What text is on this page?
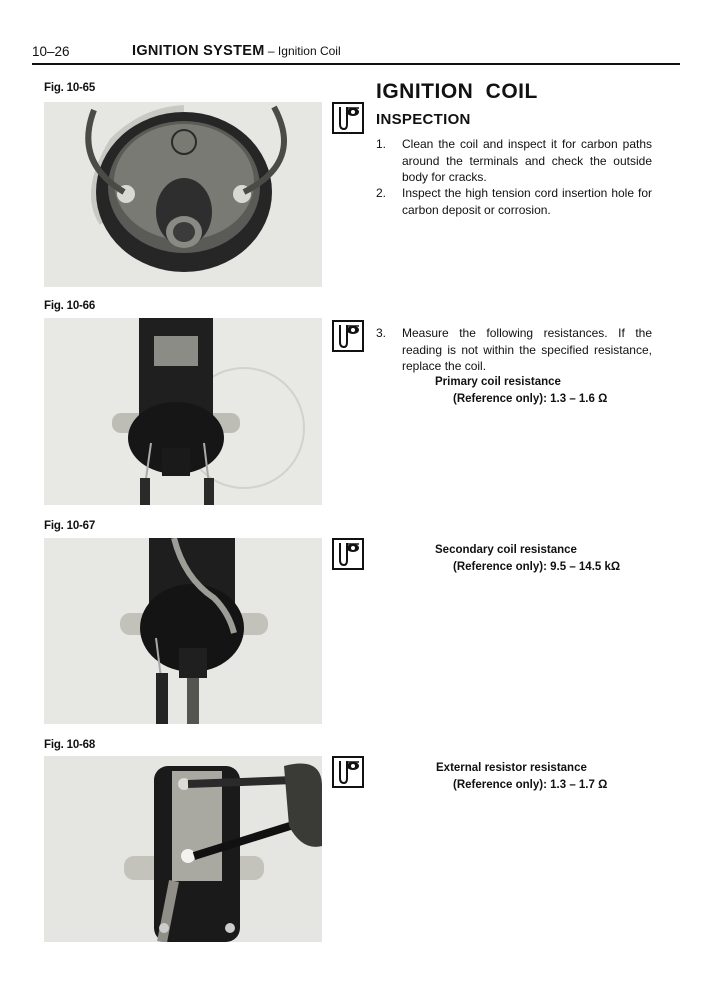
10–26	IGNITION SYSTEM – Ignition Coil
Fig. 10-65	IGNITION COIL
INSPECTION
1. Clean the coil and inspect it for carbon paths around the terminals and check the outside body for cracks.
2. Inspect the high tension cord insertion hole for carbon deposit or corrosion.
Fig. 10-66
3. Measure the following resistances. If the reading is not within the specified resistance, replace the coil.
Primary coil resistance
(Reference only): 1.3 – 1.6 Ω
Fig. 10-67
Secondary coil resistance
(Reference only): 9.5 – 14.5 kΩ
Fig. 10-68
External resistor resistance
(Reference only): 1.3 – 1.7 Ω
